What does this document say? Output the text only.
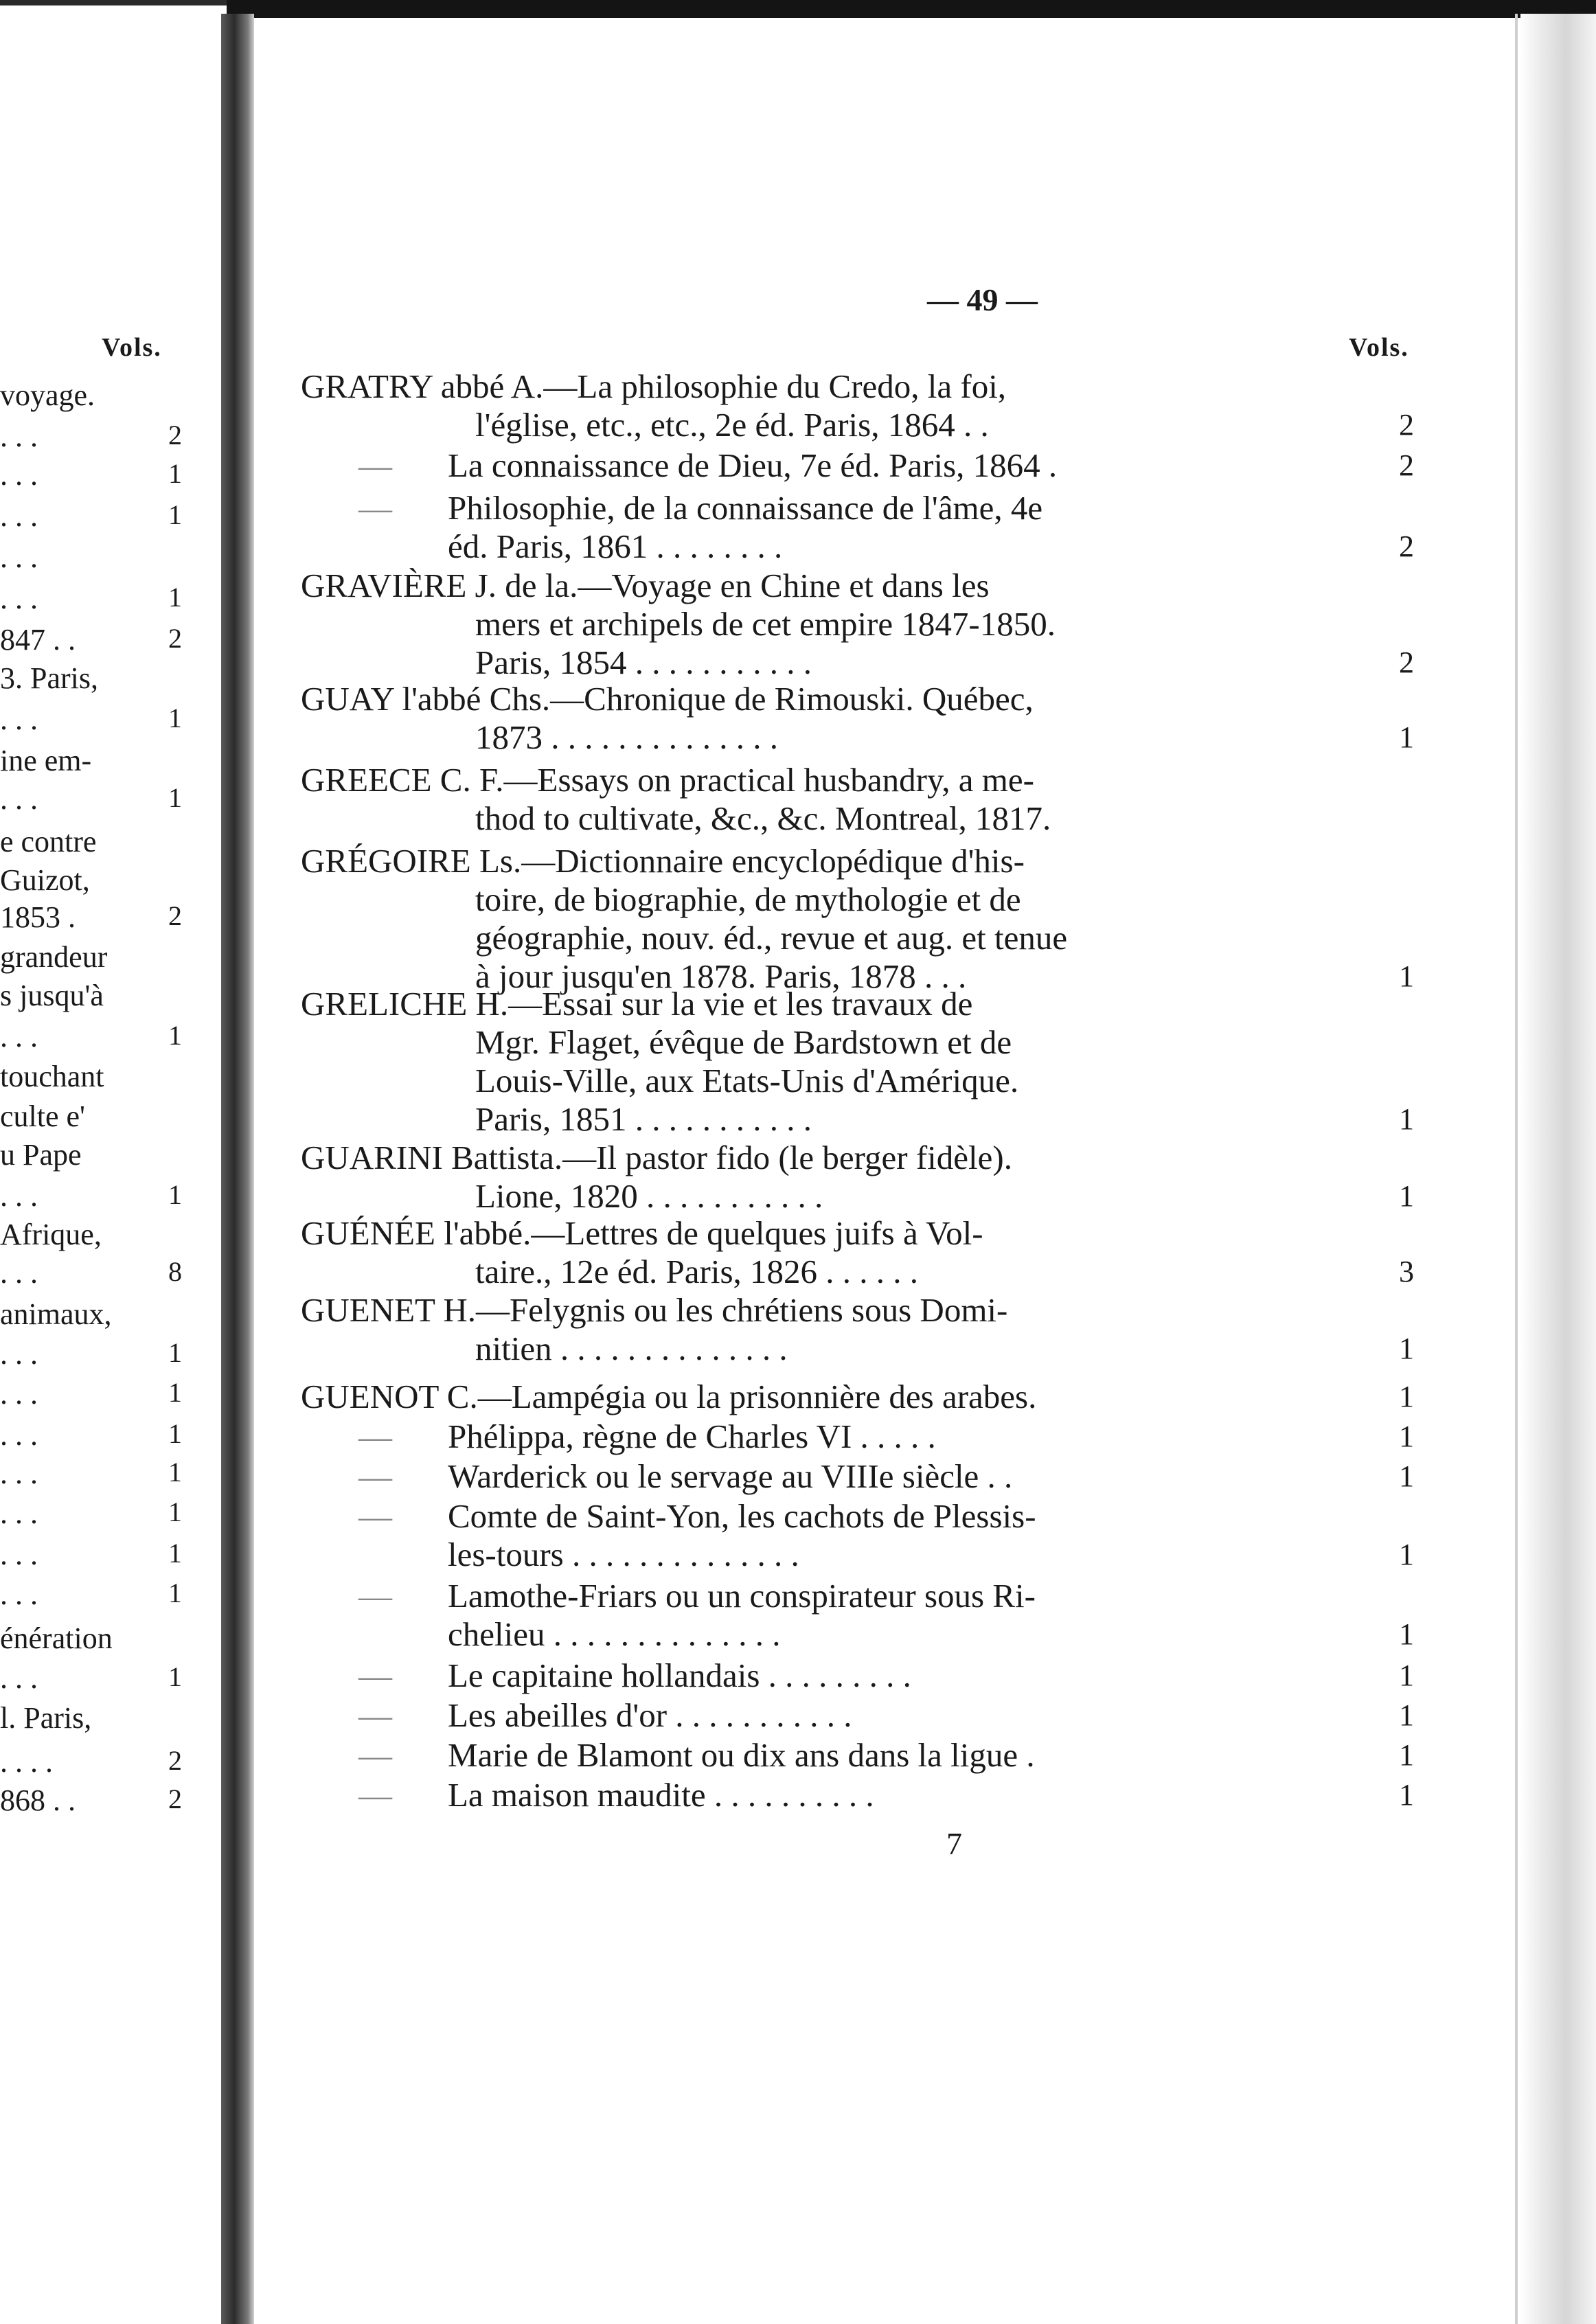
Vols.
voyage.
. . .	2
. . .	1
. . .	1
. . .
. . .	1
847 . .	2
3. Paris,
. . .	1
ine em-
. . .	1
e contre
Guizot,
1853 .	2
grandeur
s jusqu'à
. . .	1
touchant
culte e'
u Pape
. . .	1
Afrique,
. . .	8
animaux,
. . .	1
. . .	1
. . .	1
. . .	1
. . .	1
. . .	1
. . .	1
énération
. . .	1
l. Paris,
. . . .	2
868 . .	2
— 49 —
Vols.
GRATRY abbé A.—La philosophie du Credo, la foi,
l'église, etc., etc., 2e éd. Paris, 1864 . .	2
— La connaissance de Dieu, 7e éd. Paris, 1864 .	2
— Philosophie, de la connaissance de l'âme, 4e
éd. Paris, 1861 . . . . . . . .	2
GRAVIÈRE J. de la.—Voyage en Chine et dans les
mers et archipels de cet empire 1847-1850.
Paris, 1854 . . . . . . . . . . .	2
GUAY l'abbé Chs.—Chronique de Rimouski. Québec,
1873 . . . . . . . . . . . . . .	1
GREECE C. F.—Essays on practical husbandry, a me-
thod to cultivate, &c., &c. Montreal, 1817.
GRÉGOIRE Ls.—Dictionnaire encyclopédique d'his-
toire, de biographie, de mythologie et de
géographie, nouv. éd., revue et aug. et tenue
à jour jusqu'en 1878. Paris, 1878 . . .	1
GRELICHE H.—Essai sur la vie et les travaux de
Mgr. Flaget, évêque de Bardstown et de
Louis-Ville, aux Etats-Unis d'Amérique.
Paris, 1851 . . . . . . . . . . .	1
GUARINI Battista.—Il pastor fido (le berger fidèle).
Lione, 1820 . . . . . . . . . . .	1
GUÉNÉE l'abbé.—Lettres de quelques juifs à Vol-
taire., 12e éd. Paris, 1826 . . . . . .	3
GUENET H.—Felygnis ou les chrétiens sous Domi-
nitien . . . . . . . . . . . . . .	1
GUENOT C.—Lampégia ou la prisonnière des arabes.	1
— Phélippa, règne de Charles VI . . . . .	1
— Warderick ou le servage au VIIIe siècle . .	1
— Comte de Saint-Yon, les cachots de Plessis-
les-tours . . . . . . . . . . . . . .	1
— Lamothe-Friars ou un conspirateur sous Ri-
chelieu . . . . . . . . . . . . . .	1
— Le capitaine hollandais . . . . . . . . .	1
— Les abeilles d'or . . . . . . . . . . .	1
— Marie de Blamont ou dix ans dans la ligue .	1
— La maison maudite . . . . . . . . . .	1
7
